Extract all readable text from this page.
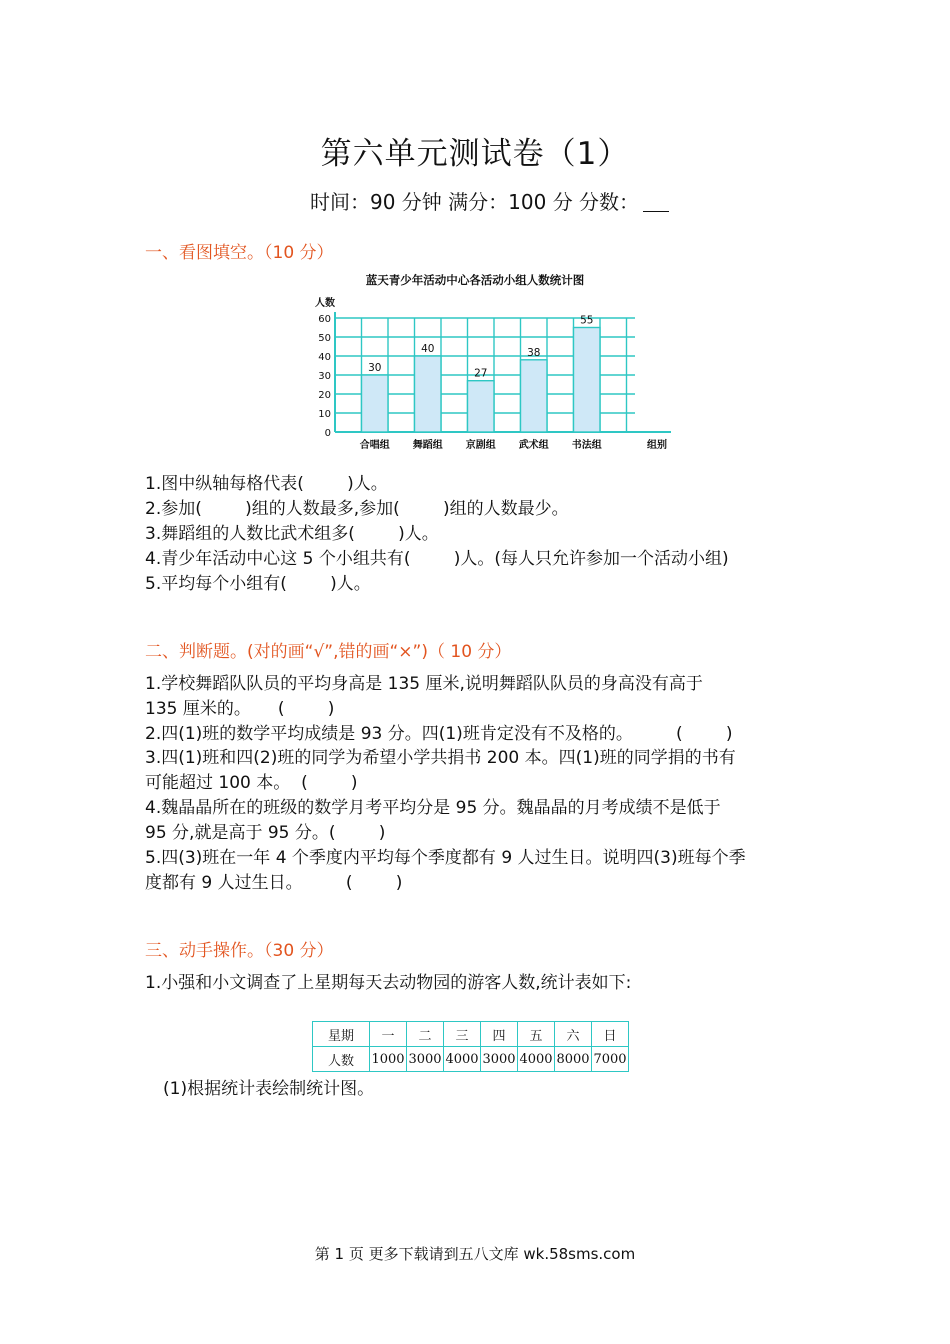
第六单元测试卷（1）
时间：90 分钟 满分：100 分 分数：
一、看图填空。（10 分）
蓝天青少年活动中心各活动小组人数统计图
人数
0
10
20
30
40
50
60
30
合唱组
40
舞蹈组
27
京剧组
38
武术组
55
书法组	组别
1.图中纵轴每格代表(        )人。
2.参加(        )组的人数最多,参加(        )组的人数最少。
3.舞蹈组的人数比武术组多(        )人。
4.青少年活动中心这 5 个小组共有(        )人。(每人只允许参加一个活动小组)
5.平均每个小组有(        )人。
二、判断题。(对的画“√”,错的画“×”)（ 10 分）
1.学校舞蹈队队员的平均身高是 135 厘米,说明舞蹈队队员的身高没有高于
135 厘米的。     (        )
2.四(1)班的数学平均成绩是 93 分。四(1)班肯定没有不及格的。        (        )
3.四(1)班和四(2)班的同学为希望小学共捐书 200 本。四(1)班的同学捐的书有
可能超过 100 本。  (        )
4.魏晶晶所在的班级的数学月考平均分是 95 分。魏晶晶的月考成绩不是低于
95 分,就是高于 95 分。(        )
5.四(3)班在一年 4 个季度内平均每个季度都有 9 人过生日。说明四(3)班每个季
度都有 9 人过生日。        (        )
三、动手操作。（30 分）
1.小强和小文调查了上星期每天去动物园的游客人数,统计表如下:
星期	一	二	三	四	五	六	日
人数	1000	3000	4000	3000	4000	8000	7000
(1)根据统计表绘制统计图。
第 1 页 更多下载请到五八文库 wk.58sms.com
